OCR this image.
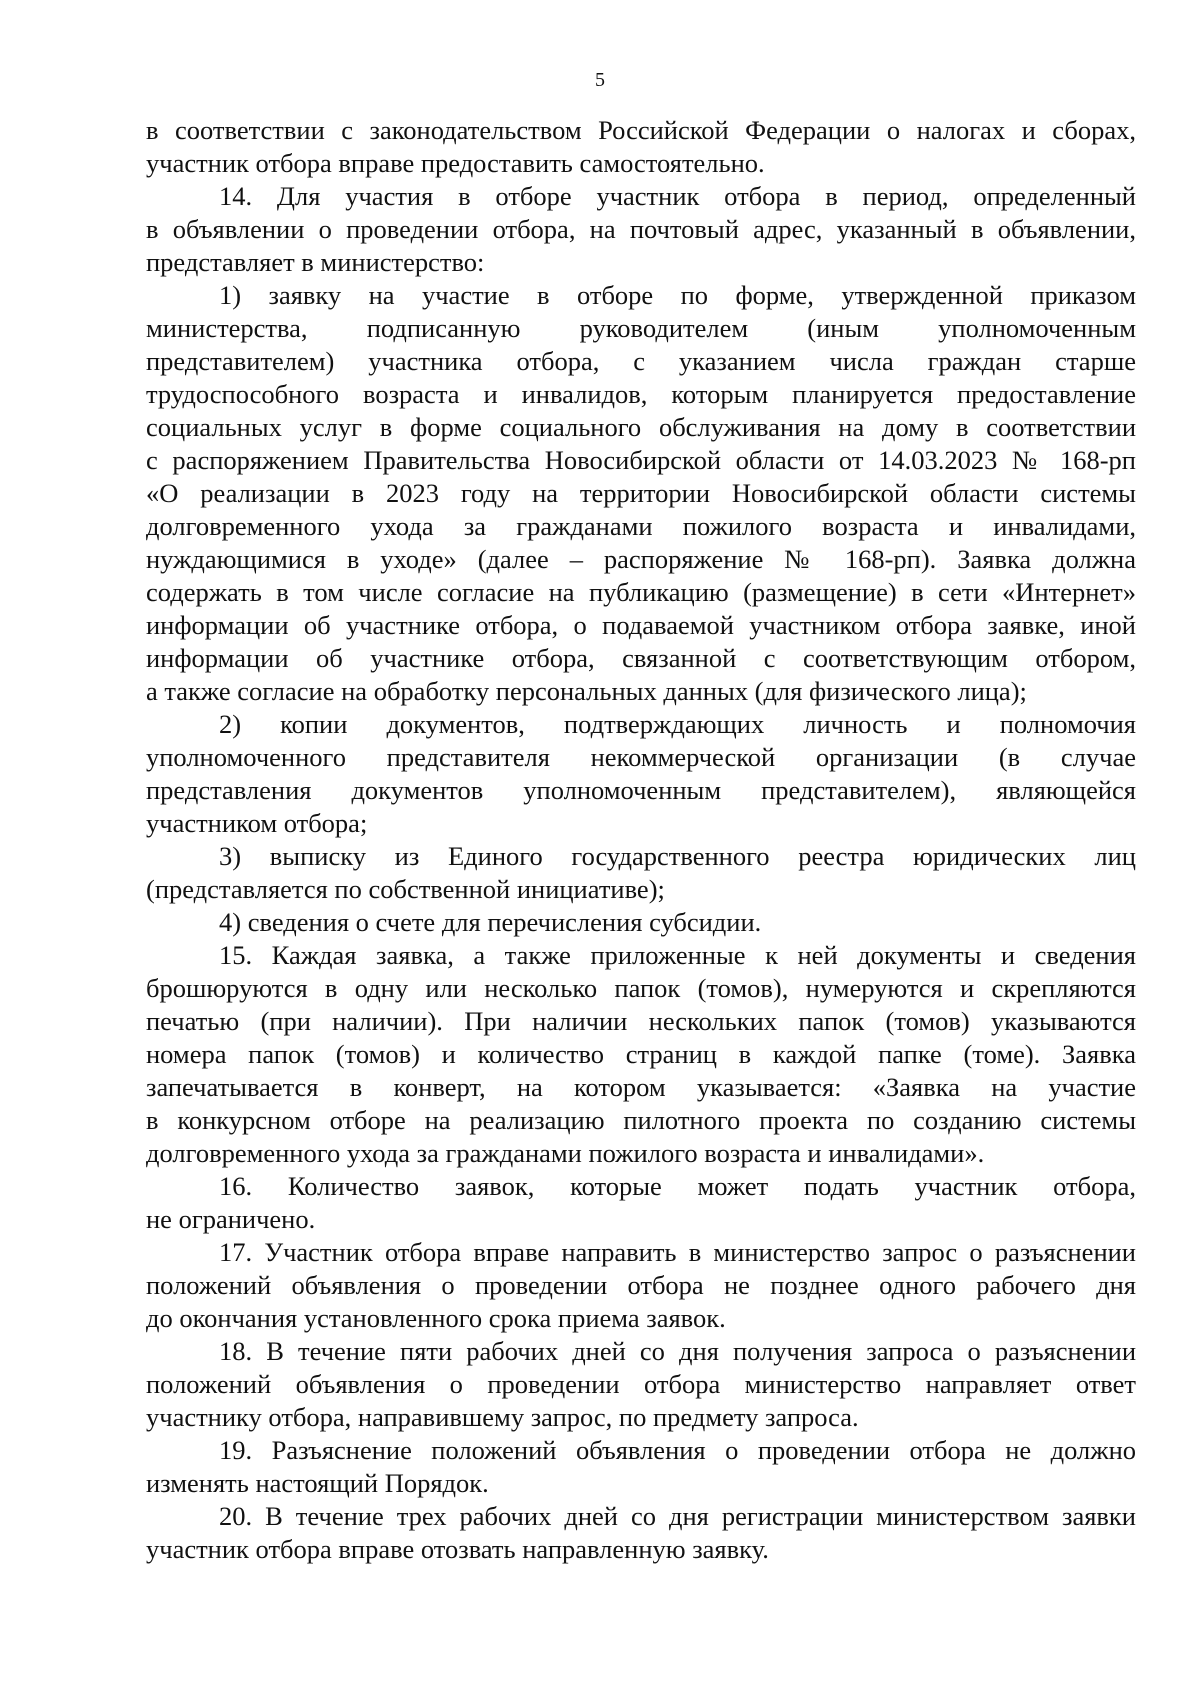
5
в соответствии с законодательством Российской Федерации о налогах и сборах,
участник отбора вправе предоставить самостоятельно.
14. Для участия в отборе участник отбора в период, определенный
в объявлении о проведении отбора, на почтовый адрес, указанный в объявлении,
представляет в министерство:
1) заявку на участие в отборе по форме, утвержденной приказом
министерства, подписанную руководителем (иным уполномоченным
представителем) участника отбора, с указанием числа граждан старше
трудоспособного возраста и инвалидов, которым планируется предоставление
социальных услуг в форме социального обслуживания на дому в соответствии
с распоряжением Правительства Новосибирской области от 14.03.2023 № 168-рп
«О реализации в 2023 году на территории Новосибирской области системы
долговременного ухода за гражданами пожилого возраста и инвалидами,
нуждающимися в уходе» (далее – распоряжение № 168-рп). Заявка должна
содержать в том числе согласие на публикацию (размещение) в сети «Интернет»
информации об участнике отбора, о подаваемой участником отбора заявке, иной
информации об участнике отбора, связанной с соответствующим отбором,
а также согласие на обработку персональных данных (для физического лица);
2) копии документов, подтверждающих личность и полномочия
уполномоченного представителя некоммерческой организации (в случае
представления документов уполномоченным представителем), являющейся
участником отбора;
3) выписку из Единого государственного реестра юридических лиц
(представляется по собственной инициативе);
4) сведения о счете для перечисления субсидии.
15. Каждая заявка, а также приложенные к ней документы и сведения
брошюруются в одну или несколько папок (томов), нумеруются и скрепляются
печатью (при наличии). При наличии нескольких папок (томов) указываются
номера папок (томов) и количество страниц в каждой папке (томе). Заявка
запечатывается в конверт, на котором указывается: «Заявка на участие
в конкурсном отборе на реализацию пилотного проекта по созданию системы
долговременного ухода за гражданами пожилого возраста и инвалидами».
16. Количество заявок, которые может подать участник отбора,
не ограничено.
17. Участник отбора вправе направить в министерство запрос о разъяснении
положений объявления о проведении отбора не позднее одного рабочего дня
до окончания установленного срока приема заявок.
18. В течение пяти рабочих дней со дня получения запроса о разъяснении
положений объявления о проведении отбора министерство направляет ответ
участнику отбора, направившему запрос, по предмету запроса.
19. Разъяснение положений объявления о проведении отбора не должно
изменять настоящий Порядок.
20. В течение трех рабочих дней со дня регистрации министерством заявки
участник отбора вправе отозвать направленную заявку.
